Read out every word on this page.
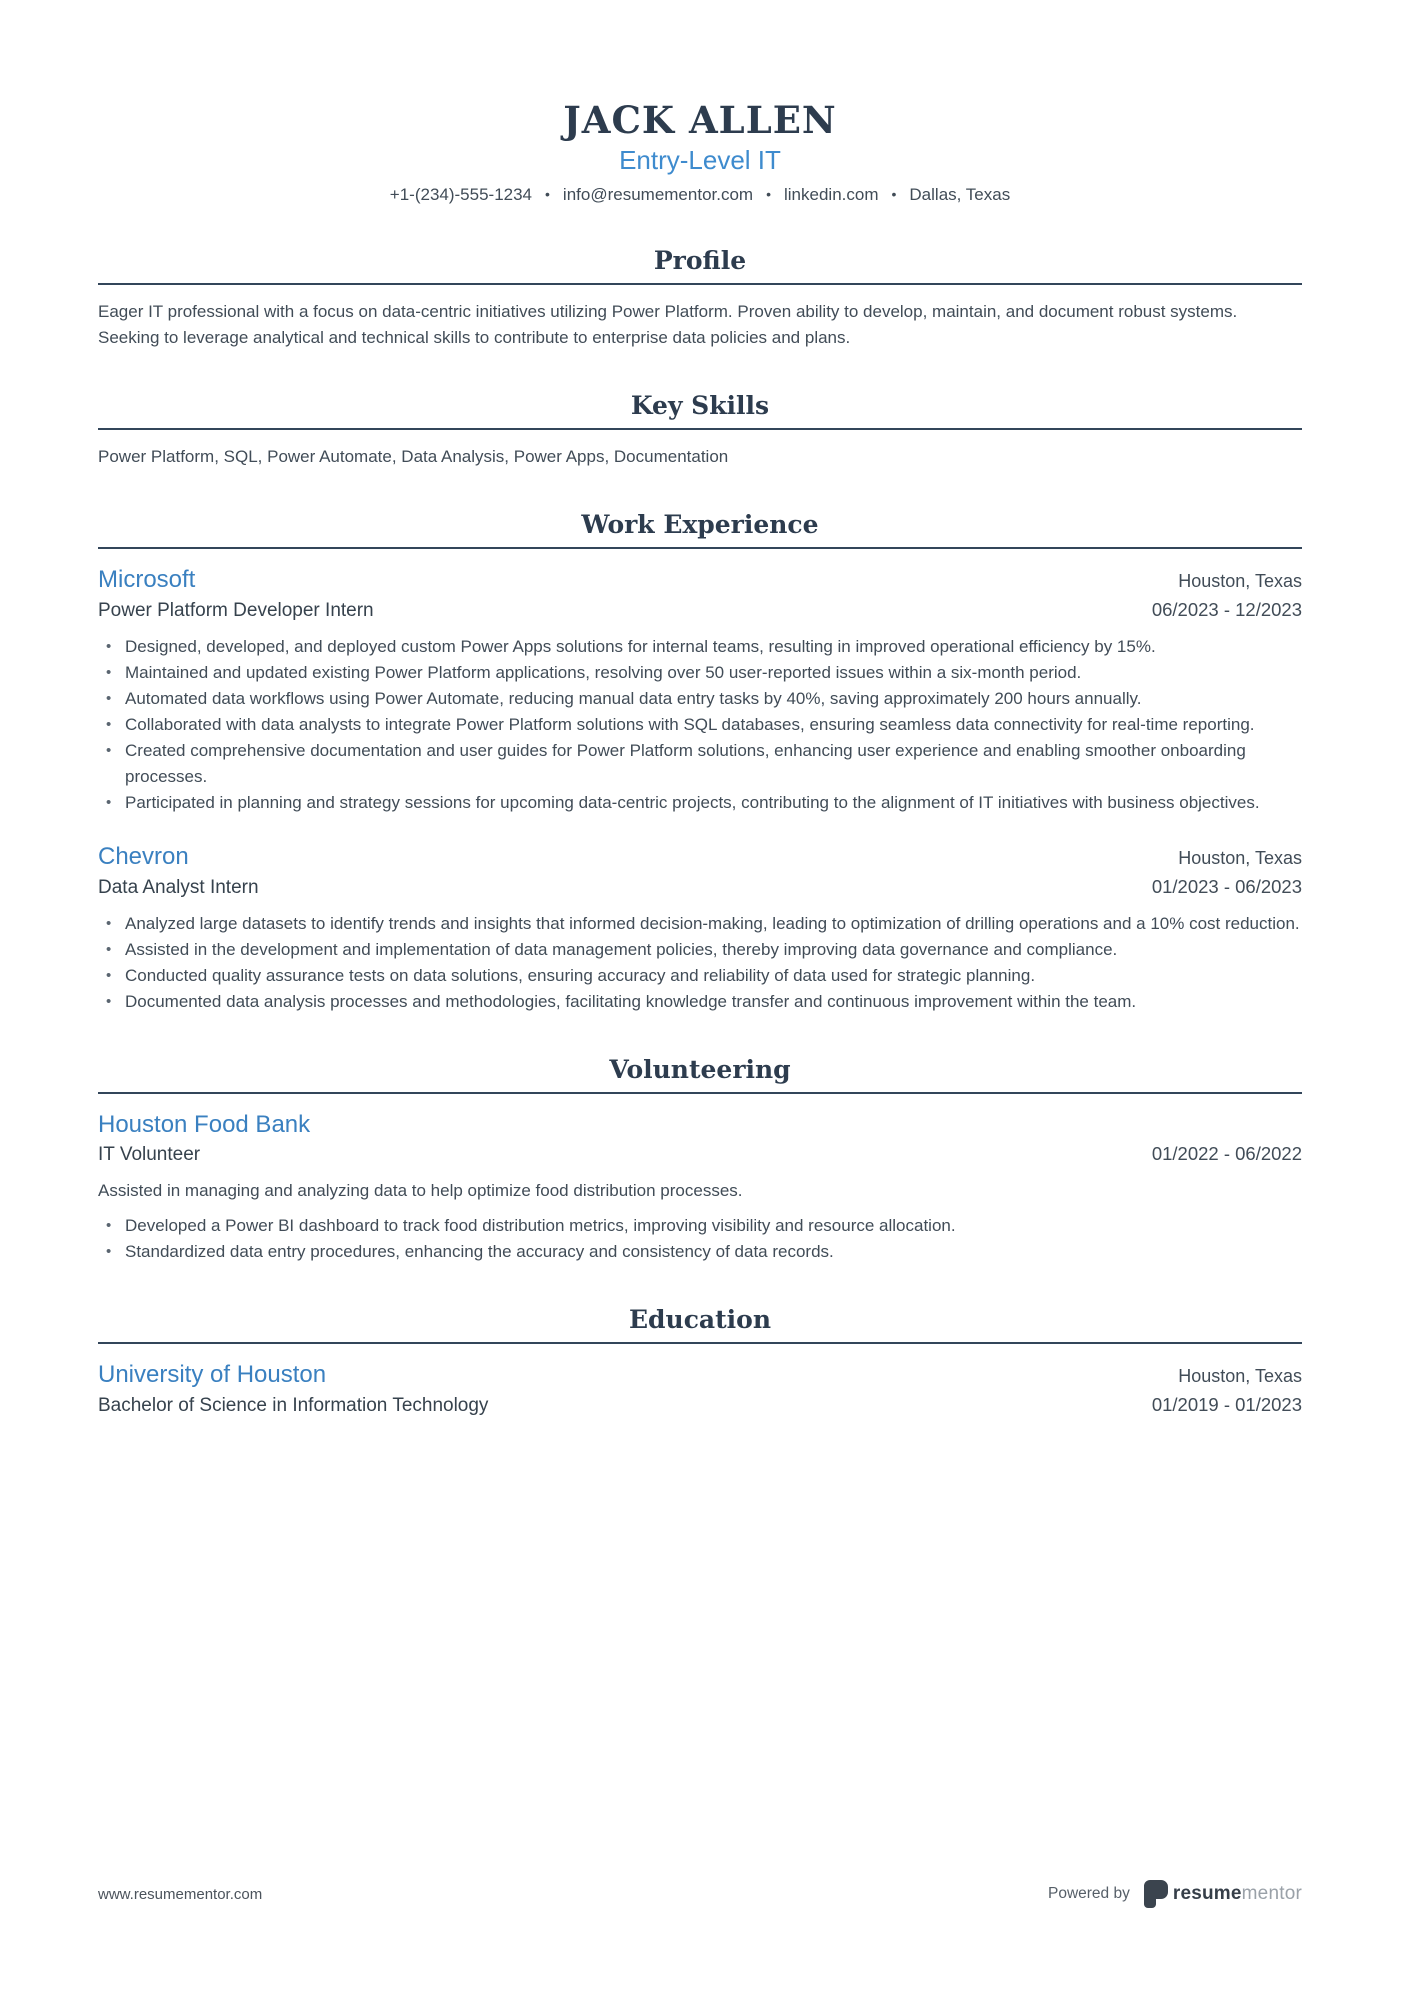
JACK ALLEN
Entry-Level IT
+1-(234)-555-1234 • info@resumementor.com • linkedin.com • Dallas, Texas
Profile
Eager IT professional with a focus on data-centric initiatives utilizing Power Platform. Proven ability to develop, maintain, and document robust systems. Seeking to leverage analytical and technical skills to contribute to enterprise data policies and plans.
Key Skills
Power Platform, SQL, Power Automate, Data Analysis, Power Apps, Documentation
Work Experience
Microsoft	Houston, Texas
Power Platform Developer Intern	06/2023 - 12/2023
• Designed, developed, and deployed custom Power Apps solutions for internal teams, resulting in improved operational efficiency by 15%.
• Maintained and updated existing Power Platform applications, resolving over 50 user-reported issues within a six-month period.
• Automated data workflows using Power Automate, reducing manual data entry tasks by 40%, saving approximately 200 hours annually.
• Collaborated with data analysts to integrate Power Platform solutions with SQL databases, ensuring seamless data connectivity for real-time reporting.
• Created comprehensive documentation and user guides for Power Platform solutions, enhancing user experience and enabling smoother onboarding processes.
• Participated in planning and strategy sessions for upcoming data-centric projects, contributing to the alignment of IT initiatives with business objectives.
Chevron	Houston, Texas
Data Analyst Intern	01/2023 - 06/2023
• Analyzed large datasets to identify trends and insights that informed decision-making, leading to optimization of drilling operations and a 10% cost reduction.
• Assisted in the development and implementation of data management policies, thereby improving data governance and compliance.
• Conducted quality assurance tests on data solutions, ensuring accuracy and reliability of data used for strategic planning.
• Documented data analysis processes and methodologies, facilitating knowledge transfer and continuous improvement within the team.
Volunteering
Houston Food Bank
IT Volunteer	01/2022 - 06/2022
Assisted in managing and analyzing data to help optimize food distribution processes.
• Developed a Power BI dashboard to track food distribution metrics, improving visibility and resource allocation.
• Standardized data entry procedures, enhancing the accuracy and consistency of data records.
Education
University of Houston	Houston, Texas
Bachelor of Science in Information Technology	01/2019 - 01/2023
www.resumementor.com	Powered by resumementor
